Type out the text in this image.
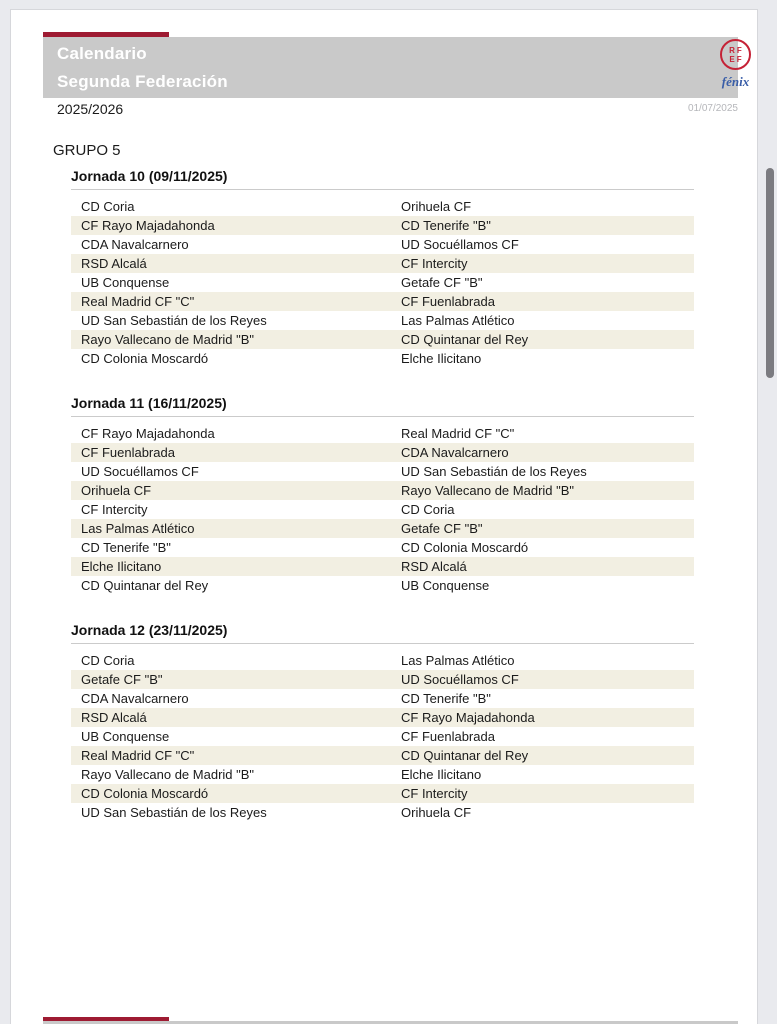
Calendario
Segunda Federación
RF
EF
fénix
2025/2026	01/07/2025
GRUPO 5
Jornada 10 (09/11/2025)
CD Coria	Orihuela CF
CF Rayo Majadahonda	CD Tenerife "B"
CDA Navalcarnero	UD Socuéllamos CF
RSD Alcalá	CF Intercity
UB Conquense	Getafe CF "B"
Real Madrid CF "C"	CF Fuenlabrada
UD San Sebastián de los Reyes	Las Palmas Atlético
Rayo Vallecano de Madrid "B"	CD Quintanar del Rey
CD Colonia Moscardó	Elche Ilicitano
Jornada 11 (16/11/2025)
CF Rayo Majadahonda	Real Madrid CF "C"
CF Fuenlabrada	CDA Navalcarnero
UD Socuéllamos CF	UD San Sebastián de los Reyes
Orihuela CF	Rayo Vallecano de Madrid "B"
CF Intercity	CD Coria
Las Palmas Atlético	Getafe CF "B"
CD Tenerife "B"	CD Colonia Moscardó
Elche Ilicitano	RSD Alcalá
CD Quintanar del Rey	UB Conquense
Jornada 12 (23/11/2025)
CD Coria	Las Palmas Atlético
Getafe CF "B"	UD Socuéllamos CF
CDA Navalcarnero	CD Tenerife "B"
RSD Alcalá	CF Rayo Majadahonda
UB Conquense	CF Fuenlabrada
Real Madrid CF "C"	CD Quintanar del Rey
Rayo Vallecano de Madrid "B"	Elche Ilicitano
CD Colonia Moscardó	CF Intercity
UD San Sebastián de los Reyes	Orihuela CF
